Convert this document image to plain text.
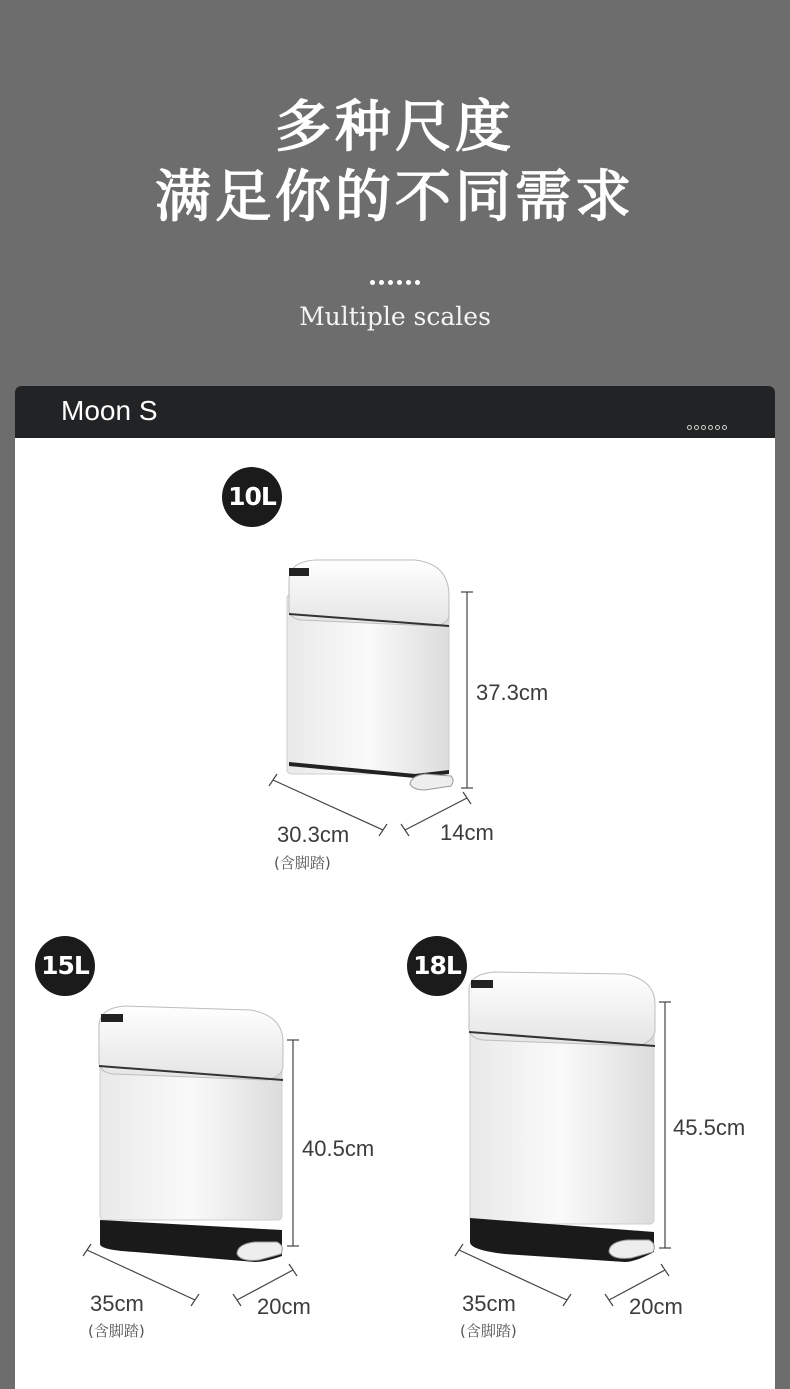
多种尺度
满足你的不同需求

Multiple scales

Moon S

10L
37.3cm
30.3cm
(含脚踏)
14cm
15L
40.5cm
35cm
(含脚踏)
20cm
18L
45.5cm
35cm
(含脚踏)
20cm
